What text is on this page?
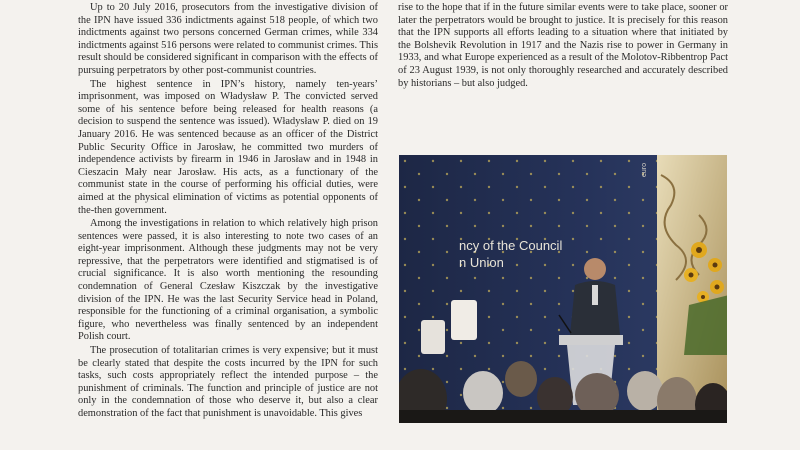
Up to 20 July 2016, prosecutors from the investigative division of the IPN have issued 336 indictments against 518 people, of which two indictments against two persons concerned German crimes, while 334 indictments against 516 persons were related to communist crimes. This result should be considered significant in comparison with the effects of pursuing perpetrators by other post-communist countries.

The highest sentence in IPN’s history, namely ten-years’ imprisonment, was imposed on Władysław P. The convicted served some of his sentence before being released for health reasons (a decision to suspend the sentence was issued). Władysław P. died on 19 January 2016. He was sentenced because as an officer of the District Public Security Office in Jarosław, he committed two murders of independence activists by firearm in 1946 in Jarosław and in 1948 in Cieszacin Mały near Jarosław. His acts, as a functionary of the communist state in the course of performing his official duties, were aimed at the physical elimination of victims as potential opponents of the-then government.

Among the investigations in relation to which relatively high prison sentences were passed, it is also interesting to note two cases of an eight-year imprisonment. Although these judgments may not be very repressive, that the perpetrators were identified and stigmatised is of crucial significance. It is also worth mentioning the resounding condemnation of General Czesław Kiszczak by the investigative division of the IPN. He was the last Security Service head in Poland, responsible for the functioning of a criminal organisation, a symbolic figure, who nevertheless was finally sentenced by an independent Polish court.

The prosecution of totalitarian crimes is very expensive; but it must be clearly stated that despite the costs incurred by the IPN for such tasks, such costs appropriately reflect the intended purpose – the punishment of criminals. The function and principle of justice are not only in the condemnation of those who deserve it, but also a clear demonstration of the fact that punishment is unavoidable. This gives

rise to the hope that if in the future similar events were to take place, sooner or later the perpetrators would be brought to justice. It is precisely for this reason that the IPN supports all efforts leading to a situation where that initiated by the Bolshevik Revolution in 1917 and the Nazis rise to power in Germany in 1933, and what Europe experienced as a result of the Molotov-Ribbentrop Pact of 23 August 1939, is not only thoroughly researched and accurately described by historians – but also judged.

ncy of the Council
n Union
euro
